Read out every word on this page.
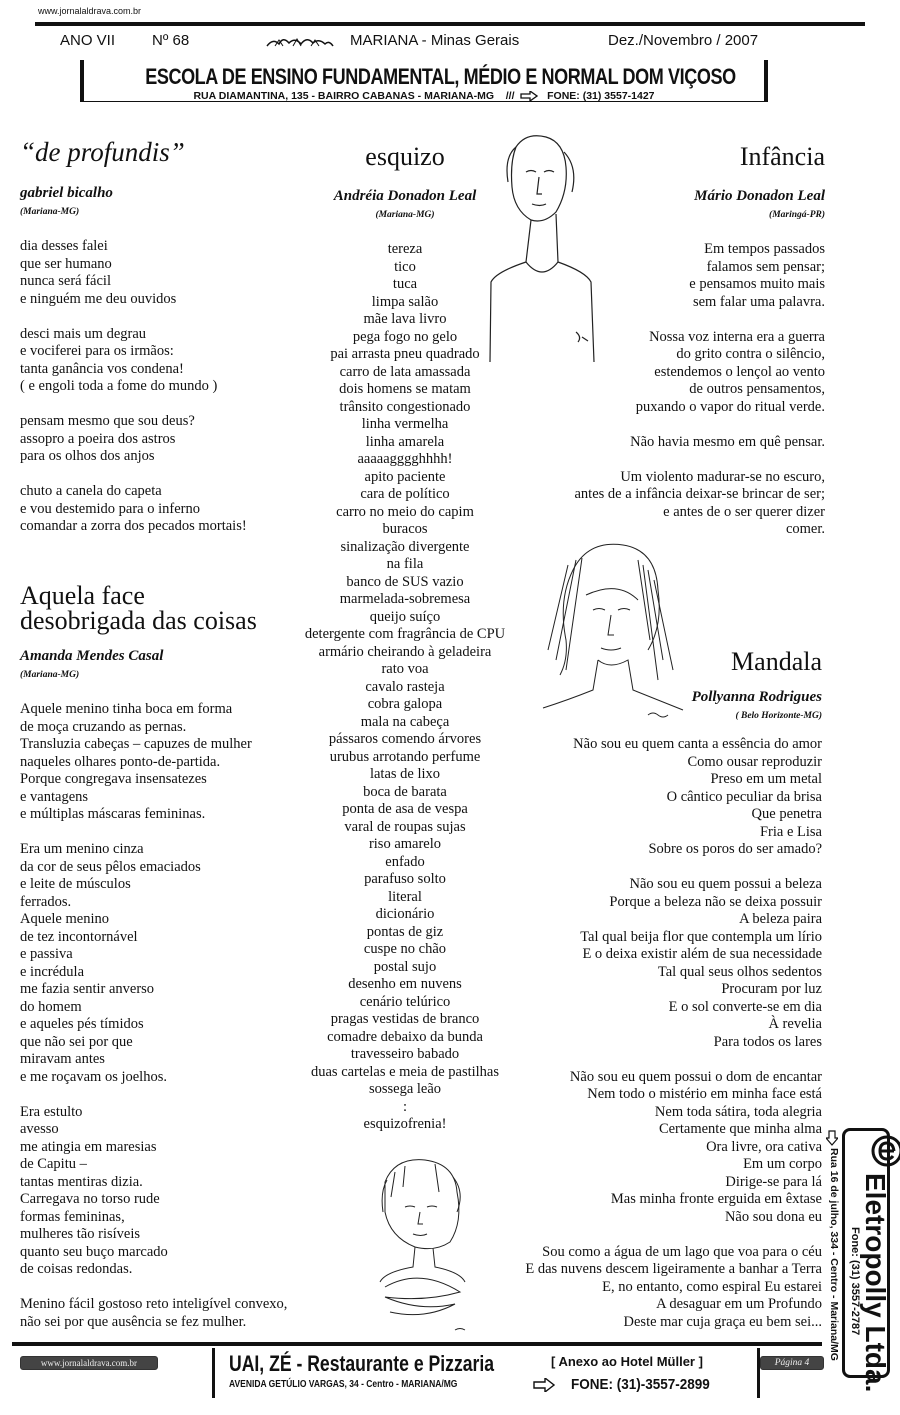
www.jornalaldrava.com.br
ANO VII Nº 68	MARIANA - Minas Gerais	Dez./Novembro / 2007
ESCOLA DE ENSINO FUNDAMENTAL, MÉDIO E NORMAL DOM VIÇOSO
RUA DIAMANTINA, 135 - BAIRRO CABANAS - MARIANA-MG ///	FONE: (31) 3557-1427
“de profundis”
gabriel bicalho
(Mariana-MG)
dia desses falei
que ser humano
nunca será fácil
e ninguém me deu ouvidos
desci mais um degrau
e vociferei para os irmãos:
tanta ganância vos condena!
( e engoli toda a fome do mundo )
pensam mesmo que sou deus?
assopro a poeira dos astros
para os olhos dos anjos
chuto a canela do capeta
e vou destemido para o inferno
comandar a zorra dos pecados mortais!
Aquela face
desobrigada das coisas
Amanda Mendes Casal
(Mariana-MG)
Aquele menino tinha boca em forma
de moça cruzando as pernas.
Transluzia cabeças – capuzes de mulher
naqueles olhares ponto-de-partida.
Porque congregava insensatezes
e vantagens
e múltiplas máscaras femininas.
Era um menino cinza
da cor de seus pêlos emaciados
e leite de músculos
ferrados.
Aquele menino
de tez incontornável
e passiva
e incrédula
me fazia sentir anverso
do homem
e aqueles pés tímidos
que não sei por que
miravam antes
e me roçavam os joelhos.
Era estulto
avesso
me atingia em maresias
de Capitu –
tantas mentiras dizia.
Carregava no torso rude
formas femininas,
mulheres tão risíveis
quanto seu buço marcado
de coisas redondas.
Menino fácil gostoso reto inteligível convexo,
não sei por que ausência se fez mulher.
esquizo
Andréia Donadon Leal
(Mariana-MG)
tereza
tico
tuca
limpa salão
mãe lava livro
pega fogo no gelo
pai arrasta pneu quadrado
carro de lata amassada
dois homens se matam
trânsito congestionado
linha vermelha
linha amarela
aaaaagggghhhh!
apito paciente
cara de político
carro no meio do capim
buracos
sinalização divergente
na fila
banco de SUS vazio
marmelada-sobremesa
queijo suíço
detergente com fragrância de CPU
armário cheirando à geladeira
rato voa
cavalo rasteja
cobra galopa
mala na cabeça
pássaros comendo árvores
urubus arrotando perfume
latas de lixo
boca de barata
ponta de asa de vespa
varal de roupas sujas
riso amarelo
enfado
parafuso solto
literal
dicionário
pontas de giz
cuspe no chão
postal sujo
desenho em nuvens
cenário telúrico
pragas vestidas de branco
comadre debaixo da bunda
travesseiro babado
duas cartelas e meia de pastilhas
sossega leão
:
esquizofrenia!
Infância
Mário Donadon Leal
(Maringá-PR)
Em tempos passados
falamos sem pensar;
e pensamos muito mais
sem falar uma palavra.
Nossa voz interna era a guerra
do grito contra o silêncio,
estendemos o lençol ao vento
de outros pensamentos,
puxando o vapor do ritual verde.
Não havia mesmo em quê pensar.
Um violento madurar-se no escuro,
antes de a infância deixar-se brincar de ser;
e antes de o ser querer dizer
comer.
Mandala
Pollyanna Rodrigues
( Belo Horizonte-MG)
Não sou eu quem canta a essência do amor
Como ousar reproduzir
Preso em um metal
O cântico peculiar da brisa
Que penetra
Fria e Lisa
Sobre os poros do ser amado?
Não sou eu quem possui a beleza
Porque a beleza não se deixa possuir
A beleza paira
Tal qual beija flor que contempla um lírio
E o deixa existir além de sua necessidade
Tal qual seus olhos sedentos
Procuram por luz
E o sol converte-se em dia
À revelia
Para todos os lares
Não sou eu quem possui o dom de encantar
Nem todo o mistério em minha face está
Nem toda sátira, toda alegria
Certamente que minha alma
Ora livre, ora cativa
Em um corpo
Dirige-se para lá
Mas minha fronte erguida em êxtase
Não sou dona eu
Sou como a água de um lago que voa para o céu
E das nuvens descem ligeiramente a banhar a Terra
E, no entanto, como espiral Eu estarei
A desaguar em um Profundo
Deste mar cuja graça eu bem sei... Eletropolly Ltda.
Fone: (31) 3557-2787
Rua 16 de julho, 334 - Centro - Mariana/MG
www.jornalaldrava.com.br	UAI, ZÉ - Restaurante e Pizzaria
AVENIDA GETÚLIO VARGAS, 34 - Centro - MARIANA/MG
[ Anexo ao Hotel Müller ]
FONE: (31)-3557-2899
Página 4
